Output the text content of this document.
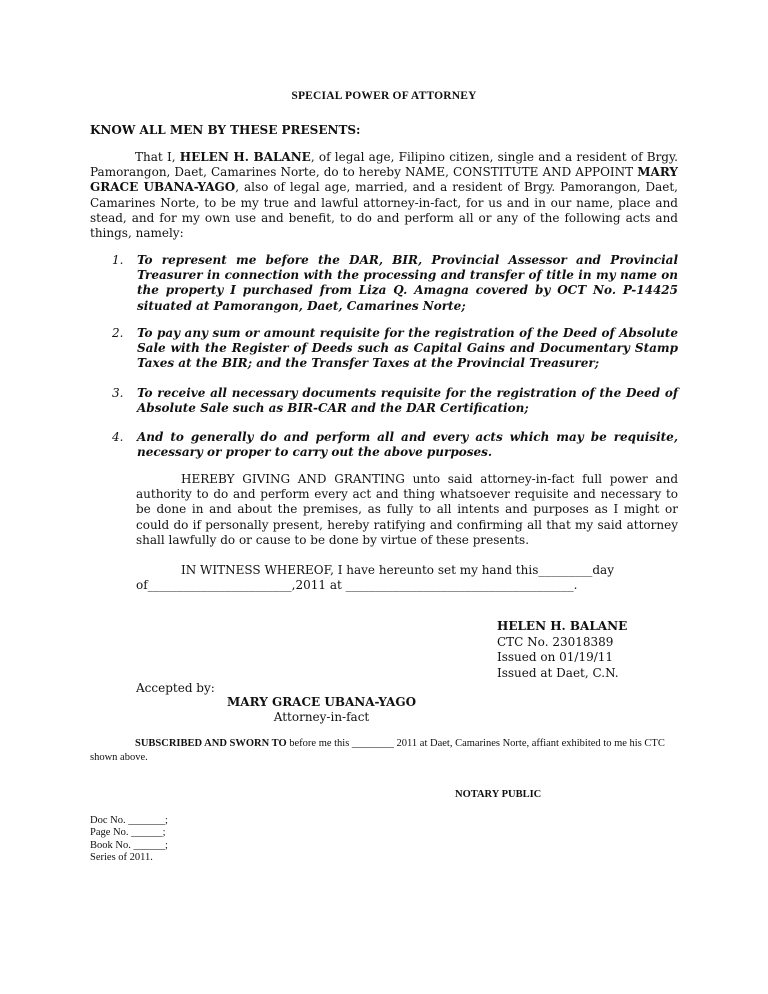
SPECIAL POWER OF ATTORNEY
KNOW ALL MEN BY THESE PRESENTS:
That I, HELEN H. BALANE, of legal age, Filipino citizen, single and a resident of Brgy. Pamorangon, Daet, Camarines Norte, do to hereby NAME, CONSTITUTE AND APPOINT MARY GRACE UBANA-YAGO, also of legal age, married, and a resident of Brgy. Pamorangon, Daet, Camarines Norte, to be my true and lawful attorney-in-fact, for us and in our name, place and stead, and for my own use and benefit, to do and perform all or any of the following acts and things, namely:
1. To represent me before the DAR, BIR, Provincial Assessor and Provincial Treasurer in connection with the processing and transfer of title in my name on the property I purchased from Liza Q. Amagna covered by OCT No. P-14425 situated at Pamorangon, Daet, Camarines Norte;
2. To pay any sum or amount requisite for the registration of the Deed of Absolute Sale with the Register of Deeds such as Capital Gains and Documentary Stamp Taxes at the BIR; and the Transfer Taxes at the Provincial Treasurer;
3. To receive all necessary documents requisite for the registration of the Deed of Absolute Sale such as BIR-CAR and the DAR Certification;
4. And to generally do and perform all and every acts which may be requisite, necessary or proper to carry out the above purposes.
HEREBY GIVING AND GRANTING unto said attorney-in-fact full power and authority to do and perform every act and thing whatsoever requisite and necessary to be done in and about the premises, as fully to all intents and purposes as I might or could do if personally present, hereby ratifying and confirming all that my said attorney shall lawfully do or cause to be done by virtue of these presents.
IN WITNESS WHEREOF, I have hereunto set my hand this_________day
of________________________,2011 at ______________________________________.
HELEN H. BALANE
CTC No. 23018389
Issued on 01/19/11
Issued at Daet, C.N.
Accepted by:
MARY GRACE UBANA-YAGO
Attorney-in-fact
SUBSCRIBED AND SWORN TO before me this ________ 2011 at Daet, Camarines Norte, affiant exhibited to me his CTC shown above.
NOTARY PUBLIC
Doc No. _______;
Page No. ______;
Book No. ______;
Series of 2011.
